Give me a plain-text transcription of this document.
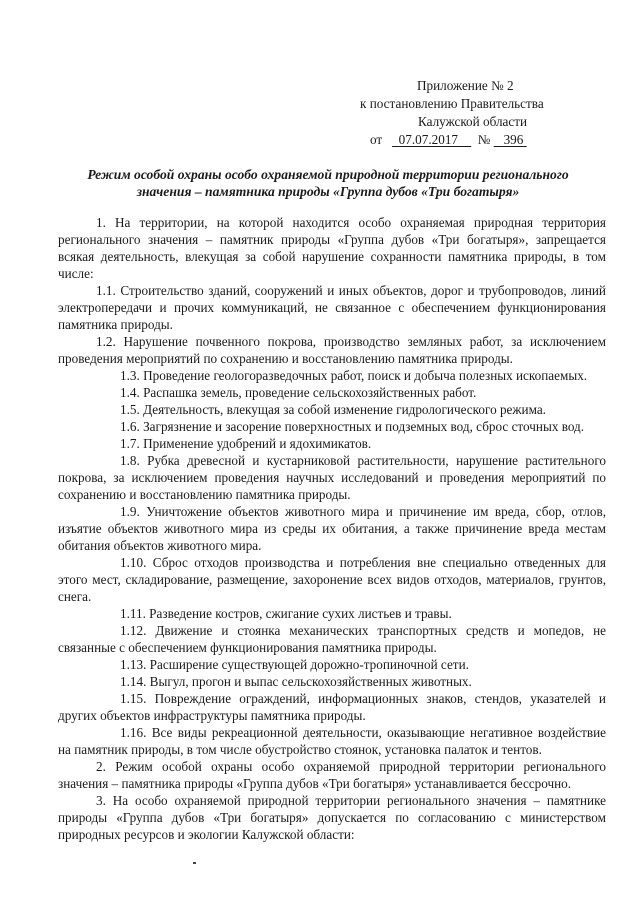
Приложение № 2
к постановлению Правительства
Калужской области
от 07.07.2017 № 396
Режим особой охраны особо охраняемой природной территории регионального
значения – памятника природы «Группа дубов «Три богатыря»

1. На территории, на которой находится особо охраняемая природная территория регионального значения – памятник природы «Группа дубов «Три богатыря», запрещается всякая деятельность, влекущая за собой нарушение сохранности памятника природы, в том числе:

1.1. Строительство зданий, сооружений и иных объектов, дорог и трубопроводов, линий электропередачи и прочих коммуникаций, не связанное с обеспечением функционирования памятника природы.

1.2. Нарушение почвенного покрова, производство земляных работ, за исключением проведения мероприятий по сохранению и восстановлению памятника природы.

1.3. Проведение геологоразведочных работ, поиск и добыча полезных ископаемых.

1.4. Распашка земель, проведение сельскохозяйственных работ.

1.5. Деятельность, влекущая за собой изменение гидрологического режима.

1.6. Загрязнение и засорение поверхностных и подземных вод, сброс сточных вод.

1.7. Применение удобрений и ядохимикатов.

1.8. Рубка древесной и кустарниковой растительности, нарушение растительного покрова, за исключением проведения научных исследований и проведения мероприятий по сохранению и восстановлению памятника природы.

1.9. Уничтожение объектов животного мира и причинение им вреда, сбор, отлов, изъятие объектов животного мира из среды их обитания, а также причинение вреда местам обитания объектов животного мира.

1.10. Сброс отходов производства и потребления вне специально отведенных для этого мест, складирование, размещение, захоронение всех видов отходов, материалов, грунтов, снега.

1.11. Разведение костров, сжигание сухих листьев и травы.

1.12. Движение и стоянка механических транспортных средств и мопедов, не связанные с обеспечением функционирования памятника природы.

1.13. Расширение существующей дорожно-тропиночной сети.

1.14. Выгул, прогон и выпас сельскохозяйственных животных.

1.15. Повреждение ограждений, информационных знаков, стендов, указателей и других объектов инфраструктуры памятника природы.

1.16. Все виды рекреационной деятельности, оказывающие негативное воздействие на памятник природы, в том числе обустройство стоянок, установка палаток и тентов.

2. Режим особой охраны особо охраняемой природной территории регионального значения – памятника природы «Группа дубов «Три богатыря» устанавливается бессрочно.

3. На особо охраняемой природной территории регионального значения – памятнике природы «Группа дубов «Три богатыря» допускается по согласованию с министерством природных ресурсов и экологии Калужской области:
